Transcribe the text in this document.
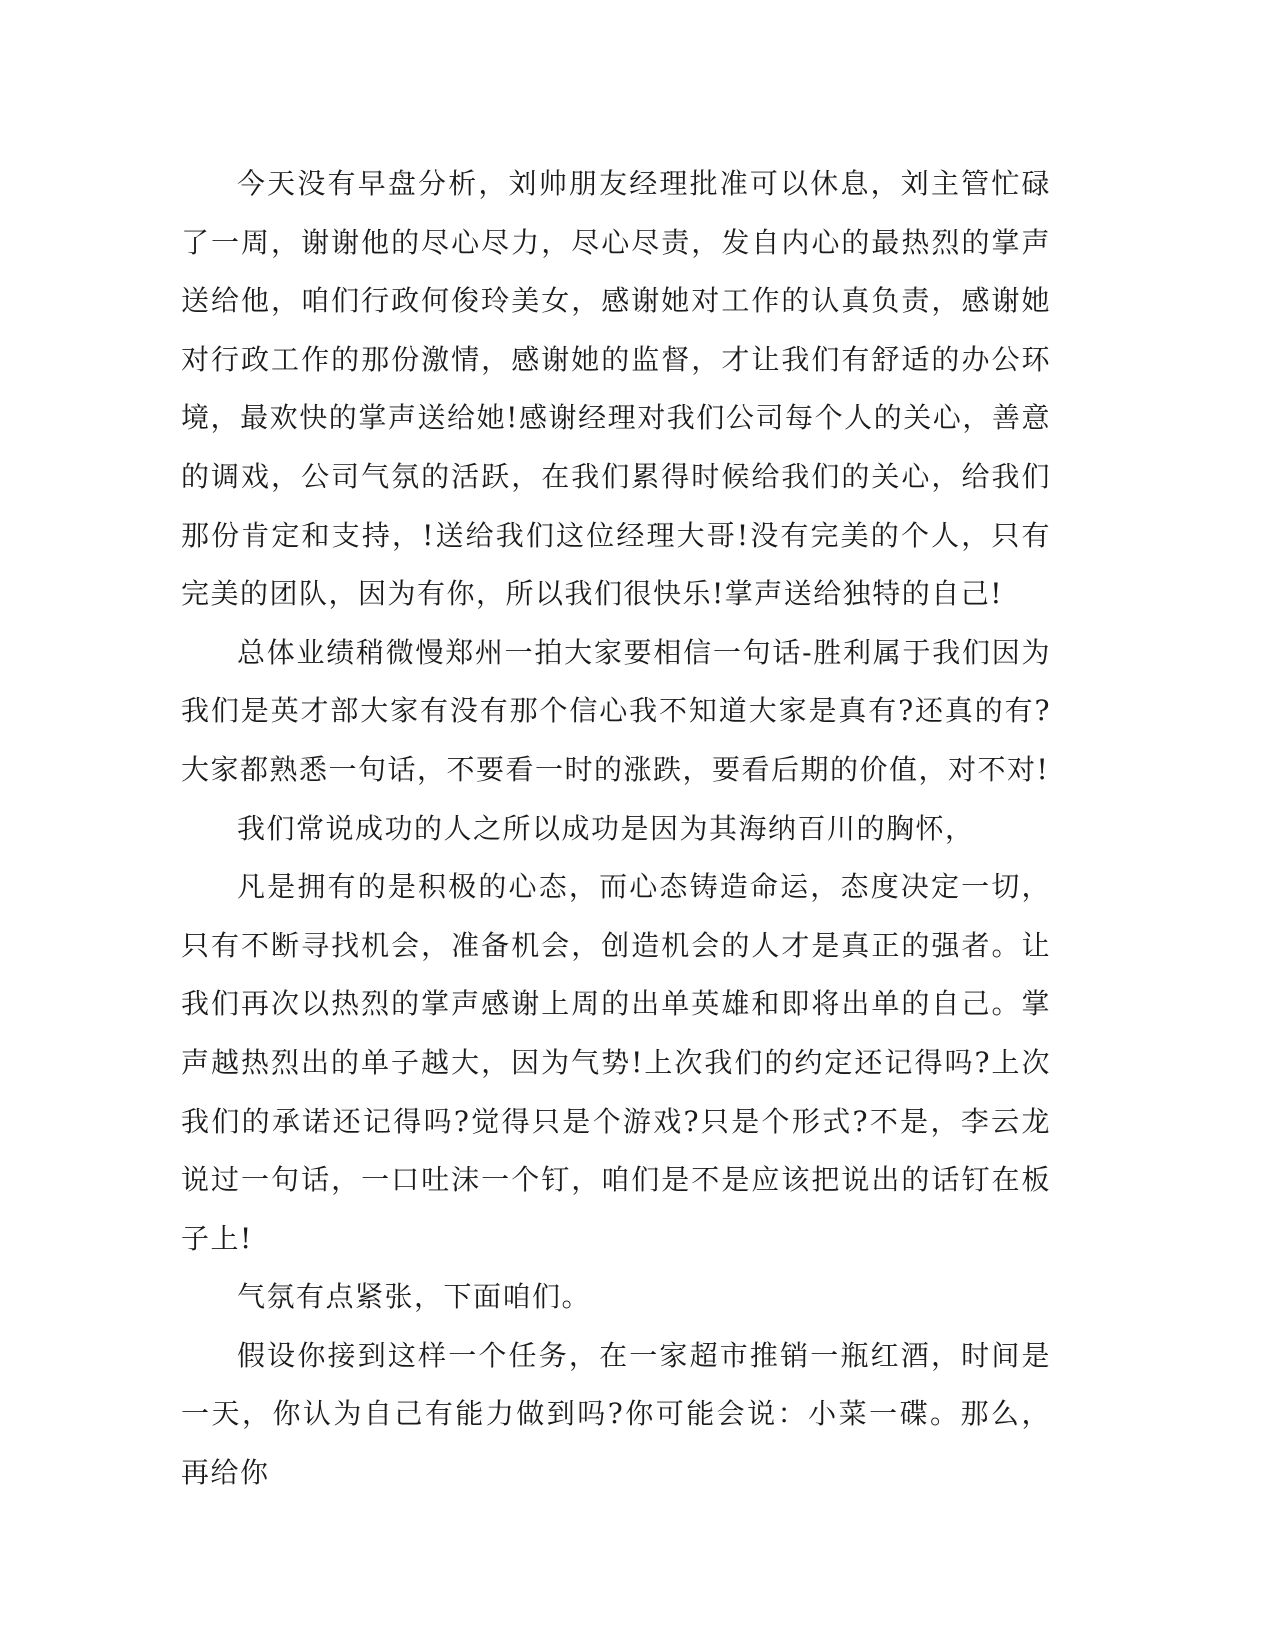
今天没有早盘分析，刘帅朋友经理批准可以休息，刘主管忙碌了一周，谢谢他的尽心尽力，尽心尽责，发自内心的最热烈的掌声送给他，咱们行政何俊玲美女，感谢她对工作的认真负责，感谢她对行政工作的那份激情，感谢她的监督，才让我们有舒适的办公环境，最欢快的掌声送给她!感谢经理对我们公司每个人的关心，善意的调戏，公司气氛的活跃，在我们累得时候给我们的关心，给我们那份肯定和支持，!送给我们这位经理大哥!没有完美的个人，只有完美的团队，因为有你，所以我们很快乐!掌声送给独特的自己!

总体业绩稍微慢郑州一拍大家要相信一句话-胜利属于我们因为我们是英才部大家有没有那个信心我不知道大家是真有?还真的有?大家都熟悉一句话，不要看一时的涨跌，要看后期的价值，对不对!

我们常说成功的人之所以成功是因为其海纳百川的胸怀，

凡是拥有的是积极的心态，而心态铸造命运，态度决定一切，只有不断寻找机会，准备机会，创造机会的人才是真正的强者。让我们再次以热烈的掌声感谢上周的出单英雄和即将出单的自己。掌声越热烈出的单子越大，因为气势!上次我们的约定还记得吗?上次我们的承诺还记得吗?觉得只是个游戏?只是个形式?不是，李云龙说过一句话，一口吐沫一个钉，咱们是不是应该把说出的话钉在板子上!

气氛有点紧张，下面咱们。

假设你接到这样一个任务，在一家超市推销一瓶红酒，时间是一天，你认为自己有能力做到吗?你可能会说：小菜一碟。那么，再给你
